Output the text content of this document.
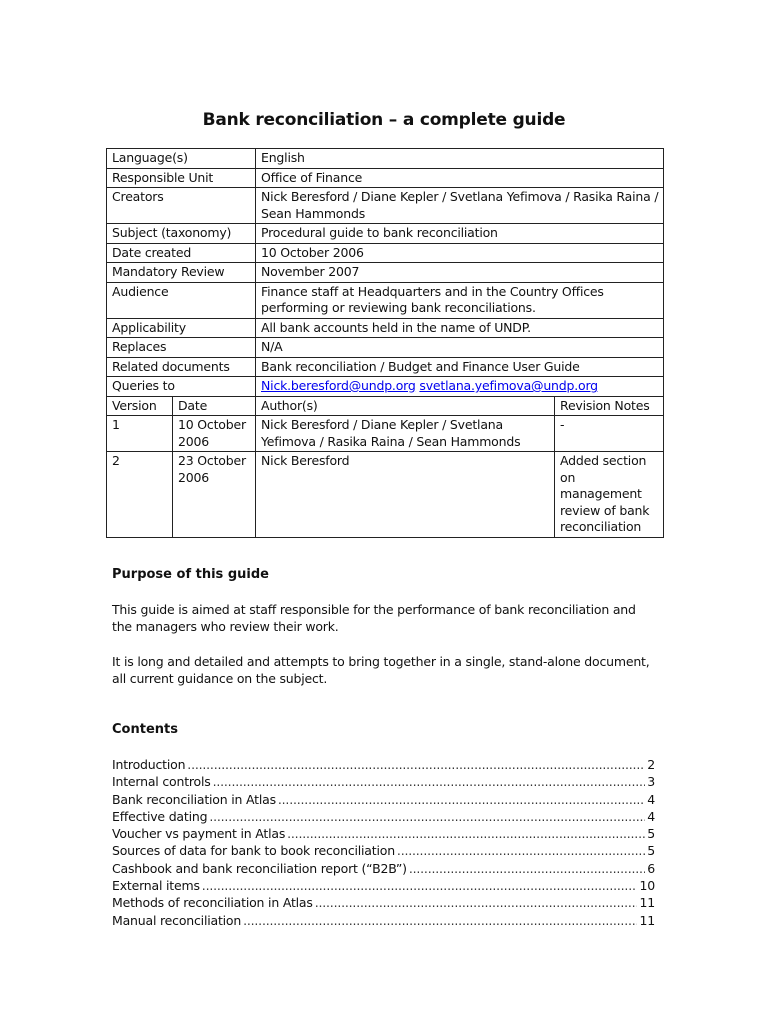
Bank reconciliation – a complete guide
Language(s)		English	
Responsible Unit		Office of Finance	
Creators		Nick Beresford / Diane Kepler / Svetlana Yefimova / Rasika Raina / Sean Hammonds	
Subject (taxonomy)		Procedural guide to bank reconciliation	
Date created		10 October 2006	
Mandatory Review		November 2007	
Audience		Finance staff at Headquarters and in the Country Offices performing or reviewing bank reconciliations.	
Applicability		All bank accounts held in the name of UNDP.	
Replaces		N/A	
Related documents		Bank reconciliation / Budget and Finance User Guide	
Queries to		Nick.beresford@undp.org svetlana.yefimova@undp.org	
Version	Date	Author(s)	Revision Notes
1	10 October 2006	Nick Beresford / Diane Kepler / Svetlana Yefimova / Rasika Raina / Sean Hammonds	-
2	23 October 2006	Nick Beresford	Added section on management review of bank reconciliation
Purpose of this guide
This guide is aimed at staff responsible for the performance of bank reconciliation and the managers who review their work.
It is long and detailed and attempts to bring together in a single, stand-alone document, all current guidance on the subject.
Contents
Introduction .....	2
Internal controls .....	3
Bank reconciliation in Atlas .....	4
Effective dating .....	4
Voucher vs payment in Atlas .....	5
Sources of data for bank to book reconciliation .....	5
Cashbook and bank reconciliation report (“B2B”) .....	6
External items .....	10
Methods of reconciliation in Atlas .....	11
Manual reconciliation .....	11
